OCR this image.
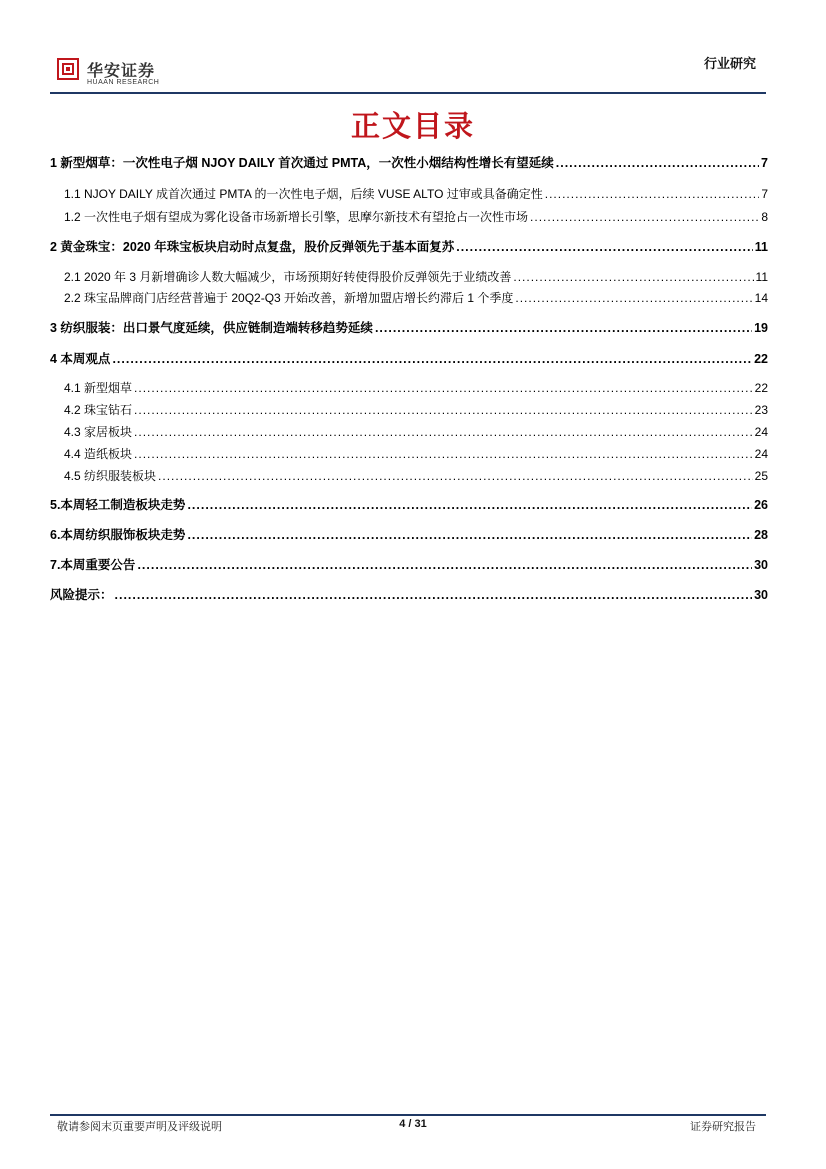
华安证券
HUAAN RESEARCH
行业研究
正文目录
1 新型烟草：一次性电子烟 NJOY DAILY 首次通过 PMTA，一次性小烟结构性增长有望延续 .....	7
1.1 NJOY DAILY 成首次通过 PMTA 的一次性电子烟，后续 VUSE ALTO 过审或具备确定性 .....	7
1.2 一次性电子烟有望成为雾化设备市场新增长引擎，思摩尔新技术有望抢占一次性市场 .....	8
2 黄金珠宝：2020 年珠宝板块启动时点复盘，股价反弹领先于基本面复苏 .....	11
2.1 2020 年 3 月新增确诊人数大幅减少，市场预期好转使得股价反弹领先于业绩改善 .....	11
2.2 珠宝品牌商门店经营普遍于 20Q2-Q3 开始改善，新增加盟店增长约滞后 1 个季度 .....	14
3 纺织服装：出口景气度延续，供应链制造端转移趋势延续 .....	19
4 本周观点 .....	22
4.1 新型烟草 .....	22
4.2 珠宝钻石 .....	23
4.3 家居板块 .....	24
4.4 造纸板块 .....	24
4.5 纺织服装板块 .....	25
5.本周轻工制造板块走势 .....	26
6.本周纺织服饰板块走势 .....	28
7.本周重要公告 .....	30
风险提示： .....	30
敬请参阅末页重要声明及评级说明	4 / 31	证券研究报告
